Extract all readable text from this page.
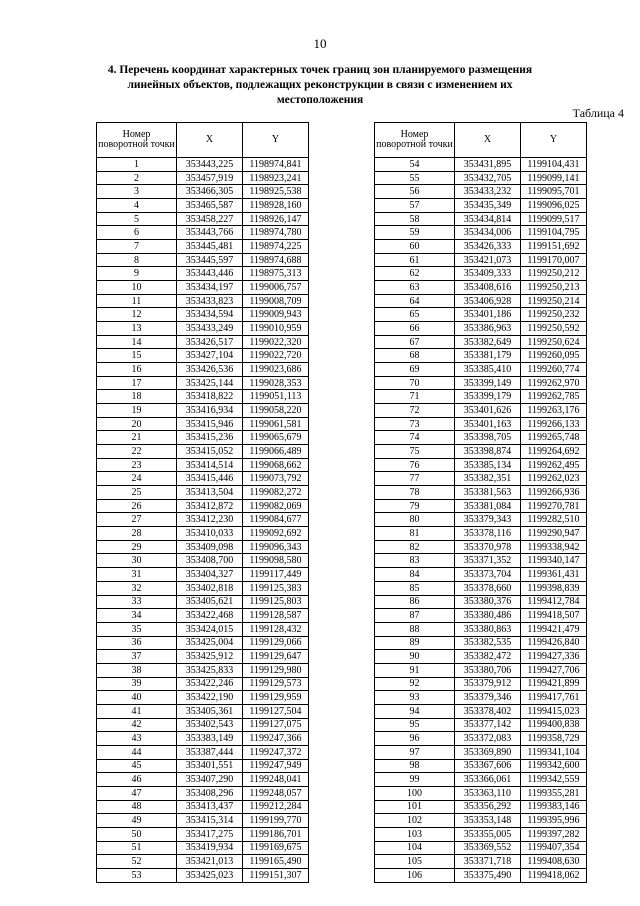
10
4. Перечень координат характерных точек границ зон планируемого размещения линейных объектов, подлежащих реконструкции в связи с изменением их местоположения
Таблица 4
Номер поворотной точки	X	Y
1	353443,225	1198974,841
2	353457,919	1198923,241
3	353466,305	1198925,538
4	353465,587	1198928,160
5	353458,227	1198926,147
6	353443,766	1198974,780
7	353445,481	1198974,225
8	353445,597	1198974,688
9	353443,446	1198975,313
10	353434,197	1199006,757
11	353433,823	1199008,709
12	353434,594	1199009,943
13	353433,249	1199010,959
14	353426,517	1199022,320
15	353427,104	1199022,720
16	353426,536	1199023,686
17	353425,144	1199028,353
18	353418,822	1199051,113
19	353416,934	1199058,220
20	353415,946	1199061,581
21	353415,236	1199065,679
22	353415,052	1199066,489
23	353414,514	1199068,662
24	353415,446	1199073,792
25	353413,504	1199082,272
26	353412,872	1199082,069
27	353412,230	1199084,677
28	353410,033	1199092,692
29	353409,098	1199096,343
30	353408,700	1199098,580
31	353404,327	1199117,449
32	353402,818	1199125,383
33	353405,621	1199125,803
34	353422,468	1199128,587
35	353424,015	1199128,432
36	353425,004	1199129,066
37	353425,912	1199129,647
38	353425,833	1199129,980
39	353422,246	1199129,573
40	353422,190	1199129,959
41	353405,361	1199127,504
42	353402,543	1199127,075
43	353383,149	1199247,366
44	353387,444	1199247,372
45	353401,551	1199247,949
46	353407,290	1199248,041
47	353408,296	1199248,057
48	353413,437	1199212,284
49	353415,314	1199199,770
50	353417,275	1199186,701
51	353419,934	1199169,675
52	353421,013	1199165,490
53	353425,023	1199151,307
Номер поворотной точки	X	Y
54	353431,895	1199104,431
55	353432,705	1199099,141
56	353433,232	1199095,701
57	353435,349	1199096,025
58	353434,814	1199099,517
59	353434,006	1199104,795
60	353426,333	1199151,692
61	353421,073	1199170,007
62	353409,333	1199250,212
63	353408,616	1199250,213
64	353406,928	1199250,214
65	353401,186	1199250,232
66	353386,963	1199250,592
67	353382,649	1199250,624
68	353381,179	1199260,095
69	353385,410	1199260,774
70	353399,149	1199262,970
71	353399,179	1199262,785
72	353401,626	1199263,176
73	353401,163	1199266,133
74	353398,705	1199265,748
75	353398,874	1199264,692
76	353385,134	1199262,495
77	353382,351	1199262,023
78	353381,563	1199266,936
79	353381,084	1199270,781
80	353379,343	1199282,510
81	353378,116	1199290,947
82	353370,978	1199338,942
83	353371,352	1199340,147
84	353373,704	1199361,431
85	353378,660	1199398,839
86	353380,376	1199412,784
87	353380,486	1199418,507
88	353380,863	1199421,479
89	353382,535	1199426,840
90	353382,472	1199427,336
91	353380,706	1199427,706
92	353379,912	1199421,899
93	353379,346	1199417,761
94	353378,402	1199415,023
95	353377,142	1199400,838
96	353372,083	1199358,729
97	353369,890	1199341,104
98	353367,606	1199342,600
99	353366,061	1199342,559
100	353363,110	1199355,281
101	353356,292	1199383,146
102	353353,148	1199395,996
103	353355,005	1199397,282
104	353369,552	1199407,354
105	353371,718	1199408,630
106	353375,490	1199418,062
